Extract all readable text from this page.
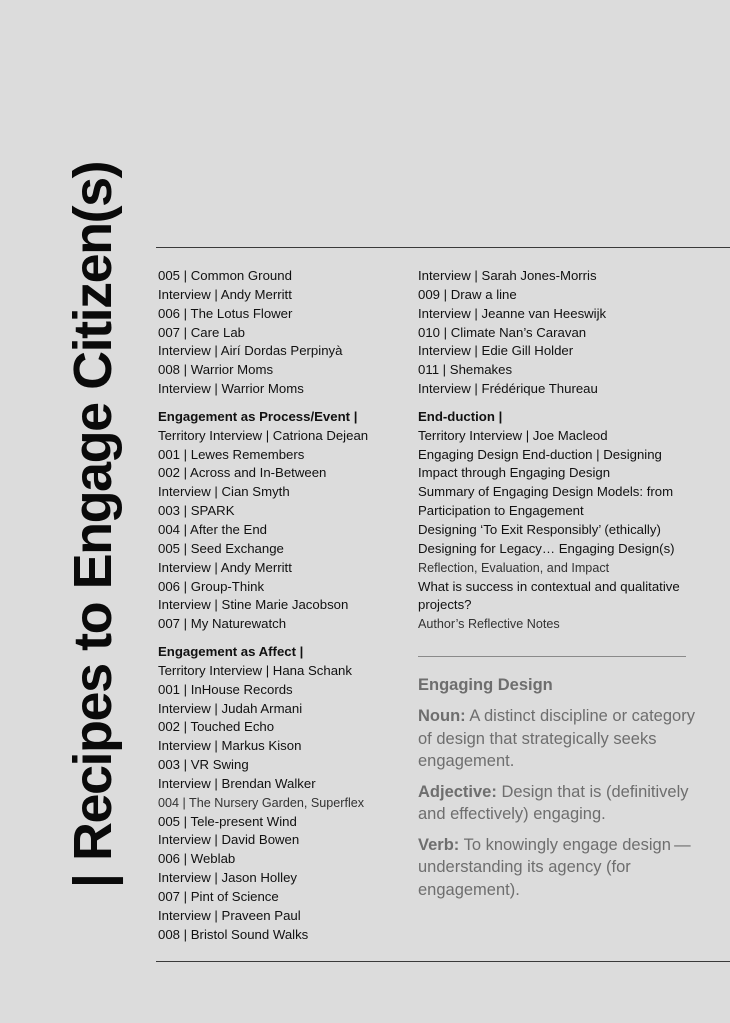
| Recipes to Engage Citizen(s)	005 | Common Ground
Interview | Andy Merritt
006 | The Lotus Flower
007 | Care Lab
Interview | Airí Dordas Perpinyà
008 | Warrior Moms
Interview | Warrior Moms
Engagement as Process/Event |
Territory Interview | Catriona Dejean
001 | Lewes Remembers
002 | Across and In-Between
Interview | Cian Smyth
003 | SPARK
004 | After the End
005 | Seed Exchange
Interview | Andy Merritt
006 | Group-Think
Interview | Stine Marie Jacobson
007 | My Naturewatch
Engagement as Affect |
Territory Interview | Hana Schank
001 | InHouse Records
Interview | Judah Armani
002 | Touched Echo
Interview | Markus Kison
003 | VR Swing
Interview | Brendan Walker
004 | The Nursery Garden, Superflex
005 | Tele-present Wind
Interview | David Bowen
006 | Weblab
Interview | Jason Holley
007 | Pint of Science
Interview | Praveen Paul
008 | Bristol Sound Walks
Interview | Sarah Jones-Morris
009 | Draw a line
Interview | Jeanne van Heeswijk
010 | Climate Nan’s Caravan
Interview | Edie Gill Holder
011 | Shemakes
Interview | Frédérique Thureau
End-duction |
Territory Interview | Joe Macleod
Engaging Design End-duction | Designing
Impact through Engaging Design
Summary of Engaging Design Models: from
Participation to Engagement
Designing ‘To Exit Responsibly’ (ethically)
Designing for Legacy… Engaging Design(s)
Reflection, Evaluation, and Impact
What is success in contextual and qualitative
projects?
Author’s Reflective Notes
Engaging Design
Noun: A distinct discipline or category of design that strategically seeks engagement.
Adjective: Design that is (definitively and effectively) engaging.
Verb: To knowingly engage design — understanding its agency (for engagement).
